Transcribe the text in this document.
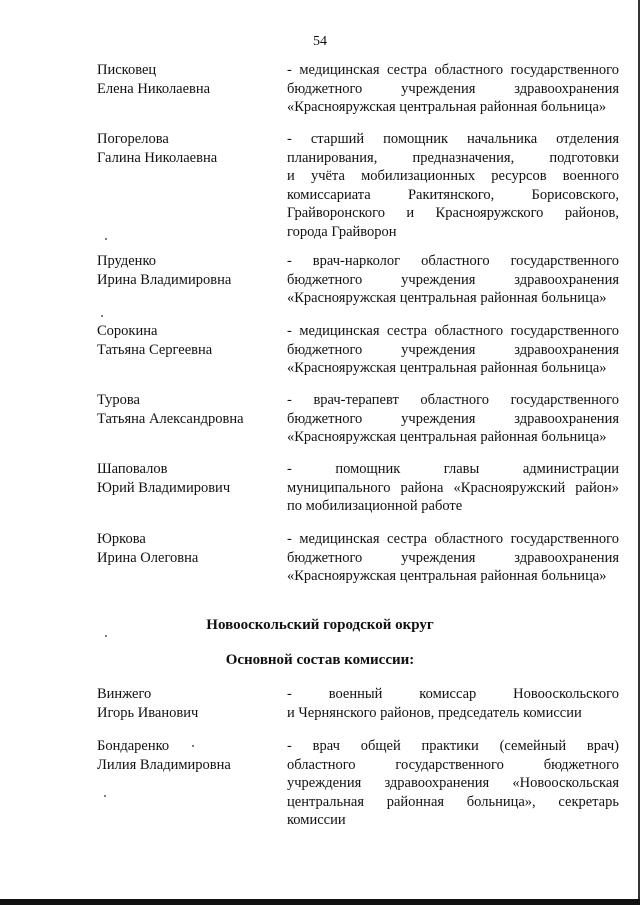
54
Писковец
Елена Николаевна
- медицинская сестра областного государственного
бюджетного учреждения здравоохранения
«Краснояружская центральная районная больница»
Погорелова
Галина Николаевна
- старший помощник начальника отделения
планирования, предназначения, подготовки
и учёта мобилизационных ресурсов военного
комиссариата Ракитянского, Борисовского,
Грайворонского и Краснояружского районов,
города Грайворон
Пруденко
Ирина Владимировна
- врач-нарколог областного государственного
бюджетного учреждения здравоохранения
«Красноярyжская центральная районная больница»
Сорокина
Татьяна Сергеевна
- медицинская сестра областного государственного
бюджетного учреждения здравоохранения
«Красноярyжская центральная районная больница»
Турова
Татьяна Александровна
- врач-терапевт областного государственного
бюджетного учреждения здравоохранения
«Красноярyжская центральная районная больница»
Шаповалов
Юрий Владимирович
- помощник главы администрации
муниципального района «Красноярyжский район»
по мобилизационной работе
Юркова
Ирина Олеговна
- медицинская сестра областного государственного
бюджетного учреждения здравоохранения
«Красноярyжская центральная районная больница»
Новооскольский городской округ
Основной состав комиссии:
Винжего
Игорь Иванович
- военный комиссар Новооскольского
и Чернянского районов, председатель комиссии
Бондаренко
Лилия Владимировна
- врач общей практики (семейный врач)
областного государственного бюджетного
учреждения здравоохранения «Новооскольская
центральная районная больница», секретарь
комиссии
